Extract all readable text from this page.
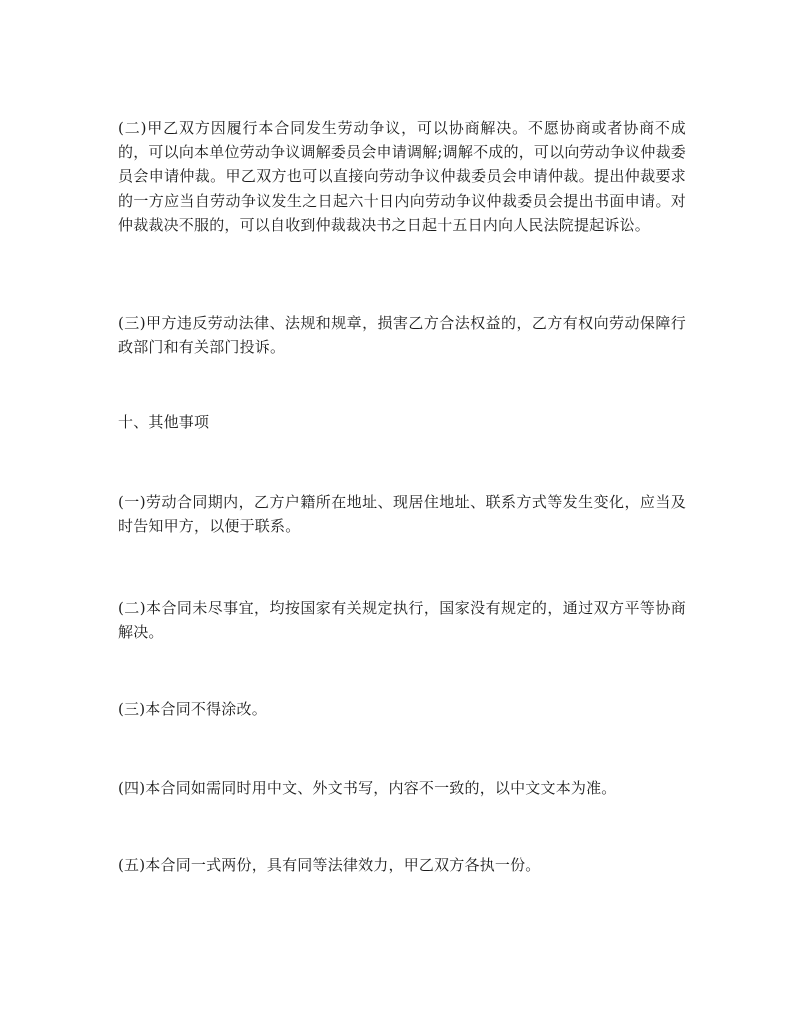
(二)甲乙双方因履行本合同发生劳动争议，可以协商解决。不愿协商或者协商不成的，可以向本单位劳动争议调解委员会申请调解;调解不成的，可以向劳动争议仲裁委员会申请仲裁。甲乙双方也可以直接向劳动争议仲裁委员会申请仲裁。提出仲裁要求的一方应当自劳动争议发生之日起六十日内向劳动争议仲裁委员会提出书面申请。对仲裁裁决不服的，可以自收到仲裁裁决书之日起十五日内向人民法院提起诉讼。

(三)甲方违反劳动法律、法规和规章，损害乙方合法权益的，乙方有权向劳动保障行政部门和有关部门投诉。

十、其他事项

(一)劳动合同期内，乙方户籍所在地址、现居住地址、联系方式等发生变化，应当及时告知甲方，以便于联系。

(二)本合同未尽事宜，均按国家有关规定执行，国家没有规定的，通过双方平等协商解决。

(三)本合同不得涂改。

(四)本合同如需同时用中文、外文书写，内容不一致的，以中文文本为准。

(五)本合同一式两份，具有同等法律效力，甲乙双方各执一份。
